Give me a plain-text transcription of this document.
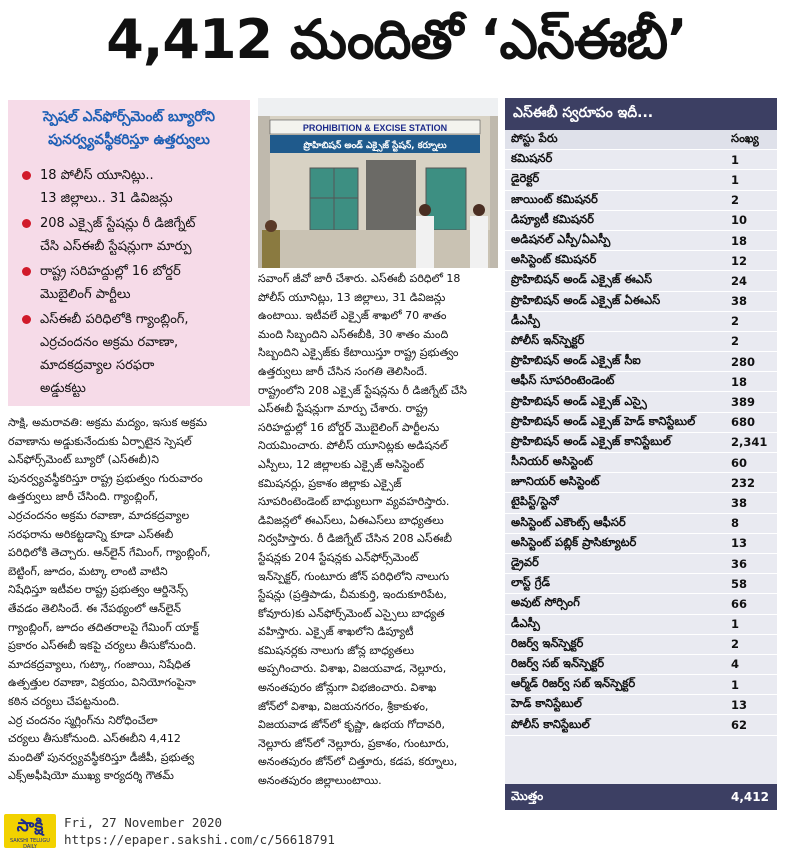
4,412 మందితో ‘ఎస్‌ఈబీ’
స్పెషల్ ఎన్‌ఫోర్స్‌మెంట్ బ్యూరోని
పునర్వ్యవస్థీకరిస్తూ ఉత్తర్వులు
18 పోలీస్ యూనిట్లు..
13 జిల్లాలు.. 31 డివిజన్లు
208 ఎక్సైజ్ స్టేషన్లు రీ డిజిగ్నేట్
చేసి ఎస్‌ఈబీ స్టేషన్లుగా మార్పు
రాష్ట్ర సరిహద్దుల్లో 16 బోర్డర్
మొబైలింగ్ పార్టీలు
ఎస్‌ఈబీ పరిధిలోకి గ్యాంబ్లింగ్,
ఎర్రచందనం అక్రమ రవాణా,
మాదకద్రవ్యాల సరఫరా
అడ్డుకట్టు
PROHIBITION & EXCISE STATION
ప్రొహిబిషన్ అండ్ ఎక్సైజ్ స్టేషన్, కర్నూలు
సాక్షి, అమరావతి: అక్రమ మద్యం, ఇసుక అక్రమ
రవాణాను అడ్డుకునేందుకు ఏర్పాటైన స్పెషల్
ఎన్‌ఫోర్స్‌మెంట్ బ్యూరో (ఎస్‌ఈబీ)ని
పునర్వ్యవస్థీకరిస్తూ రాష్ట్ర ప్రభుత్వం గురువారం
ఉత్తర్వులు జారీ చేసింది. గ్యాంబ్లింగ్,
ఎర్రచందనం అక్రమ రవాణా, మాదకద్రవ్యాల
సరఫరాను అరికట్టడాన్ని కూడా ఎస్‌ఈబీ
పరిధిలోకి తెచ్చారు. ఆన్‌లైన్ గేమింగ్, గ్యాంబ్లింగ్,
బెట్టింగ్, జూదం, మట్కా లాంటి వాటిని
నిషేధిస్తూ ఇటీవల రాష్ట్ర ప్రభుత్వం ఆర్డినెన్స్
తేవడం తెలిసిందే. ఈ నేపథ్యంలో ఆన్‌లైన్
గ్యాంబ్లింగ్, జూదం తదితరాలపై గేమింగ్ యాక్ట్
ప్రకారం ఎస్‌ఈబీ ఇకపై చర్యలు తీసుకోనుంది.
మాదకద్రవ్యాలు, గుట్కా, గంజాయి, నిషేధిత
ఉత్పత్తుల రవాణా, విక్రయం, వినియోగంపైనా
కఠిన చర్యలు చేపట్టనుంది.
ఎర్ర చందనం స్మగ్లింగ్‌ను నిరోధించేలా
చర్యలు తీసుకోనుంది. ఎస్‌ఈబీని 4,412
మందితో పునర్వ్యవస్థీకరిస్తూ డీజీపీ, ప్రభుత్వ
ఎక్స్‌అఫీషియో ముఖ్య కార్యదర్శి గౌతమ్
సవాంగ్ జీవో జారీ చేశారు. ఎస్‌ఈబీ పరిధిలో 18
పోలీస్ యూనిట్లు, 13 జిల్లాలు, 31 డివిజన్లు
ఉంటాయి. ఇటీవలే ఎక్సైజ్ శాఖలో 70 శాతం
మంది సిబ్బందిని ఎస్‌ఈబీకి, 30 శాతం మంది
సిబ్బందిని ఎక్సైజ్‌కు కేటాయిస్తూ రాష్ట్ర ప్రభుత్వం
ఉత్తర్వులు జారీ చేసిన సంగతి తెలిసిందే.
రాష్ట్రంలోని 208 ఎక్సైజ్ స్టేషన్లను రీ డిజిగ్నేట్ చేసి
ఎస్‌ఈబీ స్టేషన్లుగా మార్పు చేశారు. రాష్ట్ర
సరిహద్దుల్లో 16 బోర్డర్ మొబైలింగ్ పార్టీలను
నియమించారు. పోలీస్ యూనిట్లకు అడిషనల్
ఎస్పీలు, 12 జిల్లాలకు ఎక్సైజ్ అసిస్టెంట్
కమిషనర్లు, ప్రకాశం జిల్లాకు ఎక్సైజ్
సూపరింటెండెంట్ బాధ్యులుగా వ్యవహరిస్తారు.
డివిజన్లలో ఈఎస్‌లు, ఏఈఎస్‌లు బాధ్యతలు
నిర్వహిస్తారు. రీ డిజిగ్నేట్ చేసిన 208 ఎస్‌ఈబీ
స్టేషన్లకు 204 స్టేషన్లకు ఎన్‌ఫోర్స్‌మెంట్
ఇన్‌స్పెక్టర్, గుంటూరు జోన్ పరిధిలోని నాలుగు
స్టేషన్లు (ప్రత్తిపాడు, చీమకుర్తి, ఇందుకూరిపేట,
కోవూరు)కు ఎన్‌ఫోర్స్‌మెంట్ ఎస్సైలు బాధ్యత
వహిస్తారు. ఎక్సైజ్ శాఖలోని డిప్యూటీ
కమిషనర్లకు నాలుగు జోన్ల బాధ్యతలు
అప్పగించారు. విశాఖ, విజయవాడ, నెల్లూరు,
అనంతపురం జోన్లుగా విభజించారు. విశాఖ
జోన్‌లో విశాఖ, విజయనగరం, శ్రీకాకుళం,
విజయవాడ జోన్‌లో కృష్ణా, ఉభయ గోదావరి,
నెల్లూరు జోన్‌లో నెల్లూరు, ప్రకాశం, గుంటూరు,
అనంతపురం జోన్‌లో చిత్తూరు, కడప, కర్నూలు,
అనంతపురం జిల్లాలుంటాయి.
ఎస్‌ఈబీ స్వరూపం ఇదీ...
పోస్టు పేరు	సంఖ్య
కమిషనర్	1
డైరెక్టర్	1
జాయింట్ కమిషనర్	2
డిప్యూటీ కమిషనర్	10
అడిషనల్ ఎస్పీ/ఏఎస్పీ	18
అసిస్టెంట్ కమిషనర్	12
ప్రొహిబిషన్ అండ్ ఎక్సైజ్ ఈఎస్	24
ప్రొహిబిషన్ అండ్ ఎక్సైజ్ ఏఈఎస్	38
డీఎస్పీ	2
పోలీస్ ఇన్‌స్పెక్టర్	2
ప్రొహిబిషన్ అండ్ ఎక్సైజ్ సీఐ	280
ఆఫీస్ సూపరింటెండెంట్	18
ప్రొహిబిషన్ అండ్ ఎక్సైజ్ ఎస్సై	389
ప్రొహిబిషన్ అండ్ ఎక్సైజ్ హెడ్ కానిస్టేబుల్	680
ప్రొహిబిషన్ అండ్ ఎక్సైజ్ కానిస్టేబుల్	2,341
సీనియర్ అసిస్టెంట్	60
జూనియర్ అసిస్టెంట్	232
టైపిస్ట్/స్టెనో	38
అసిస్టెంట్ ఎకౌంట్స్ ఆఫీసర్	8
అసిస్టెంట్ పబ్లిక్ ప్రాసిక్యూటర్	13
డ్రైవర్	36
లాస్ట్ గ్రేడ్	58
అవుట్ సోర్సింగ్	66
డీఎస్పీ	1
రిజర్వ్ ఇన్‌స్పెక్టర్	2
రిజర్వ్ సబ్ ఇన్‌స్పెక్టర్	4
ఆర్మ్‌డ్ రిజర్వ్ సబ్ ఇన్‌స్పెక్టర్	1
హెడ్ కానిస్టేబుల్	13
పోలీస్ కానిస్టేబుల్	62
మొత్తం	4,412
సాక్షి
SAKSHI TELUGU DAILY
Fri, 27 November 2020
https://epaper.sakshi.com/c/56618791
